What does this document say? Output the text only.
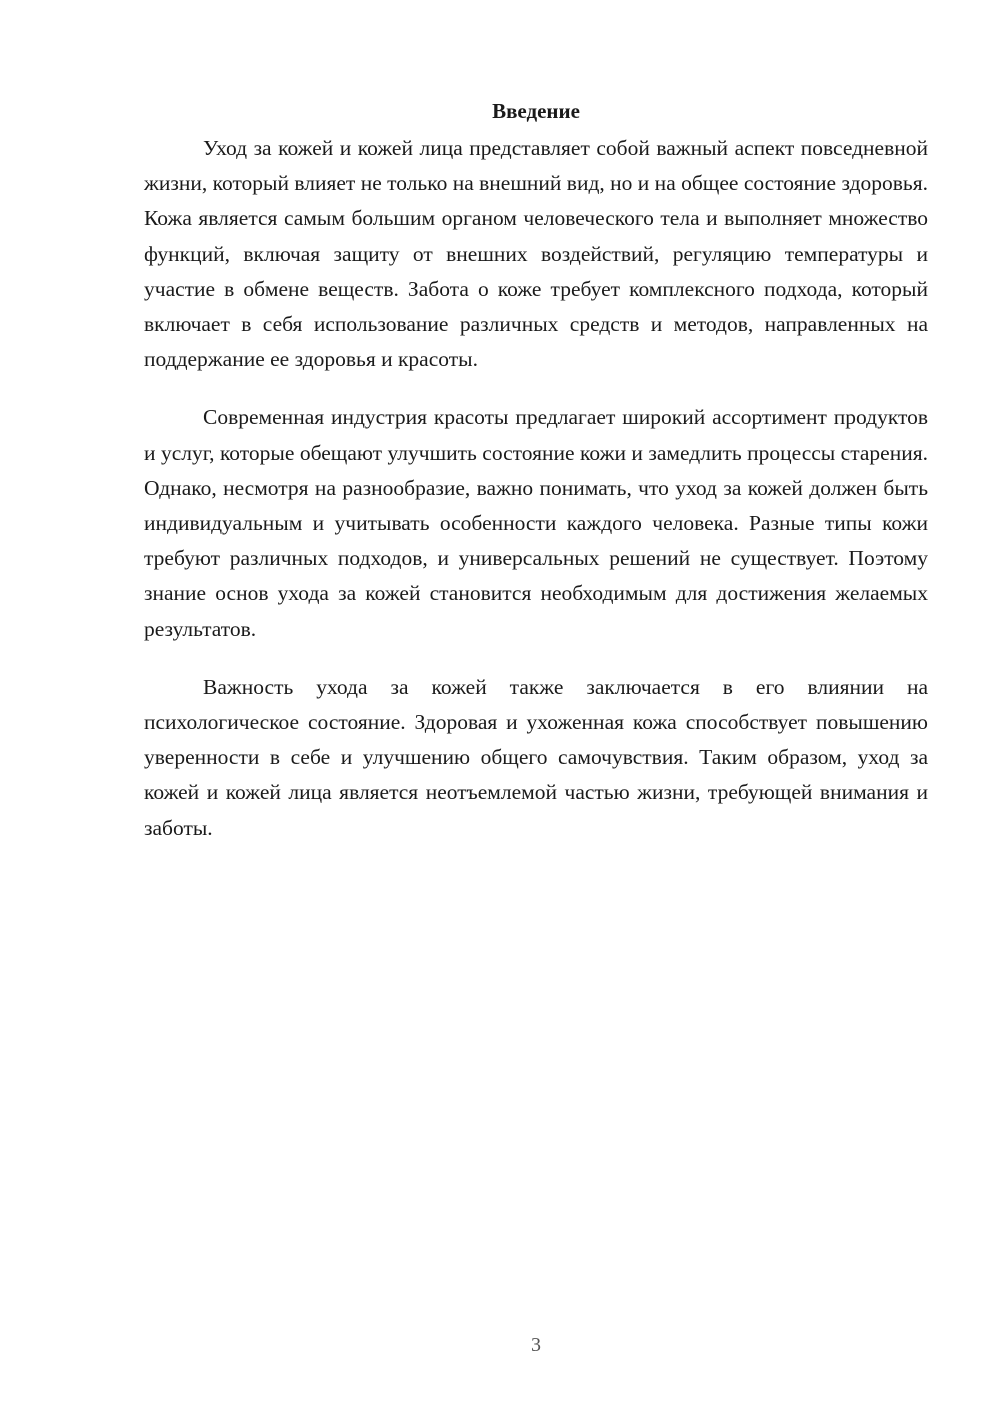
Введение

Уход за кожей и кожей лица представляет собой важный аспект повседневной жизни, который влияет не только на внешний вид, но и на общее состояние здоровья. Кожа является самым большим органом человеческого тела и выполняет множество функций, включая защиту от внешних воздействий, регуляцию температуры и участие в обмене веществ. Забота о коже требует комплексного подхода, который включает в себя использование различных средств и методов, направленных на поддержание ее здоровья и красоты.

Современная индустрия красоты предлагает широкий ассортимент продуктов и услуг, которые обещают улучшить состояние кожи и замедлить процессы старения. Однако, несмотря на разнообразие, важно понимать, что уход за кожей должен быть индивидуальным и учитывать особенности каждого человека. Разные типы кожи требуют различных подходов, и универсальных решений не существует. Поэтому знание основ ухода за кожей становится необходимым для достижения желаемых результатов.

Важность ухода за кожей также заключается в его влиянии на психологическое состояние. Здоровая и ухоженная кожа способствует повышению уверенности в себе и улучшению общего самочувствия. Таким образом, уход за кожей и кожей лица является неотъемлемой частью жизни, требующей внимания и заботы.

3
